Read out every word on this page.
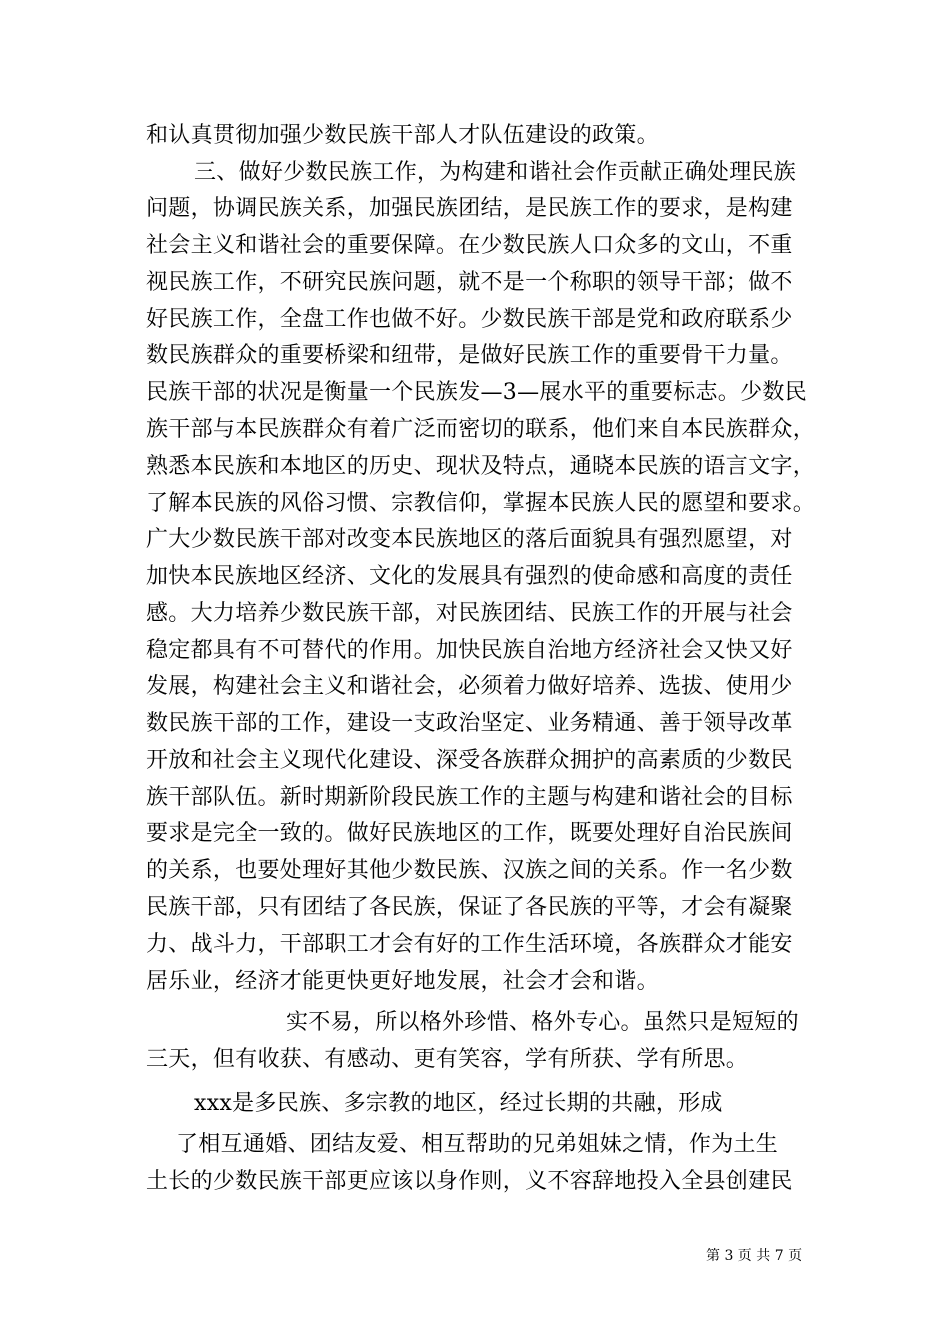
和认真贯彻加强少数民族干部人才队伍建设的政策。
三、做好少数民族工作，为构建和谐社会作贡献正确处理民族
问题，协调民族关系，加强民族团结，是民族工作的要求，是构建
社会主义和谐社会的重要保障。在少数民族人口众多的文山，不重
视民族工作，不研究民族问题，就不是一个称职的领导干部；做不
好民族工作，全盘工作也做不好。少数民族干部是党和政府联系少
数民族群众的重要桥梁和纽带，是做好民族工作的重要骨干力量。
民族干部的状况是衡量一个民族发—3—展水平的重要标志。少数民
族干部与本民族群众有着广泛而密切的联系，他们来自本民族群众，
熟悉本民族和本地区的历史、现状及特点，通晓本民族的语言文字，
了解本民族的风俗习惯、宗教信仰，掌握本民族人民的愿望和要求。
广大少数民族干部对改变本民族地区的落后面貌具有强烈愿望，对
加快本民族地区经济、文化的发展具有强烈的使命感和高度的责任
感。大力培养少数民族干部，对民族团结、民族工作的开展与社会
稳定都具有不可替代的作用。加快民族自治地方经济社会又快又好
发展，构建社会主义和谐社会，必须着力做好培养、选拔、使用少
数民族干部的工作，建设一支政治坚定、业务精通、善于领导改革
开放和社会主义现代化建设、深受各族群众拥护的高素质的少数民
族干部队伍。新时期新阶段民族工作的主题与构建和谐社会的目标
要求是完全一致的。做好民族地区的工作，既要处理好自治民族间
的关系，也要处理好其他少数民族、汉族之间的关系。作一名少数
民族干部，只有团结了各民族，保证了各民族的平等，才会有凝聚
力、战斗力，干部职工才会有好的工作生活环境，各族群众才能安
居乐业，经济才能更快更好地发展，社会才会和谐。
实不易，所以格外珍惜、格外专心。虽然只是短短的
三天，但有收获、有感动、更有笑容，学有所获、学有所思。
xxx是多民族、多宗教的地区，经过长期的共融，形成
了相互通婚、团结友爱、相互帮助的兄弟姐妹之情，作为土生
土长的少数民族干部更应该以身作则，义不容辞地投入全县创建民
第 3 页 共 7 页
